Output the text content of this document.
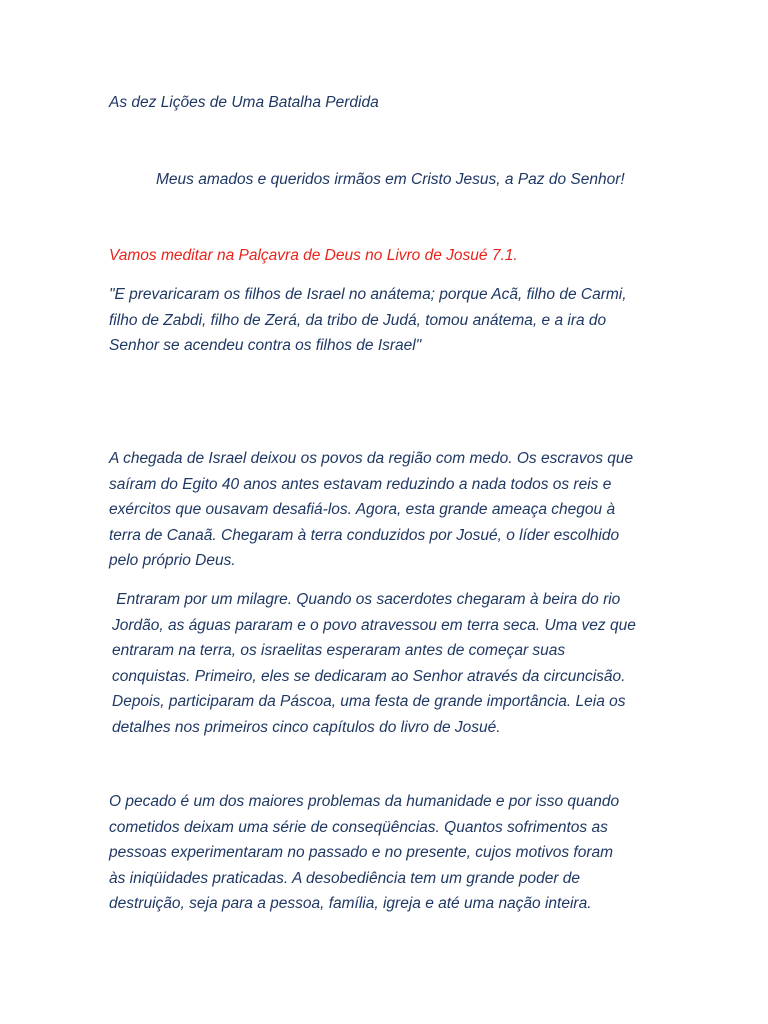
As dez Lições de Uma Batalha Perdida

Meus amados e queridos irmãos em Cristo Jesus, a Paz do Senhor!

Vamos meditar na Palçavra de Deus no Livro de Josué 7.1.

"E prevaricaram os filhos de Israel no anátema; porque Acã, filho de Carmi,
filho de Zabdi, filho de Zerá, da tribo de Judá, tomou anátema, e a ira do
Senhor se acendeu contra os filhos de Israel"
A chegada de Israel deixou os povos da região com medo. Os escravos que
saíram do Egito 40 anos antes estavam reduzindo a nada todos os reis e
exércitos que ousavam desafiá-los. Agora, esta grande ameaça chegou à
terra de Canaã. Chegaram à terra conduzidos por Josué, o líder escolhido
pelo próprio Deus.
Entraram por um milagre. Quando os sacerdotes chegaram à beira do rio
Jordão, as águas pararam e o povo atravessou em terra seca. Uma vez que
entraram na terra, os israelitas esperaram antes de começar suas
conquistas. Primeiro, eles se dedicaram ao Senhor através da circuncisão.
Depois, participaram da Páscoa, uma festa de grande importância. Leia os
detalhes nos primeiros cinco capítulos do livro de Josué.
O pecado é um dos maiores problemas da humanidade e por isso quando
cometidos deixam uma série de conseqüências. Quantos sofrimentos as
pessoas experimentaram no passado e no presente, cujos motivos foram
às iniqüidades praticadas. A desobediência tem um grande poder de
destruição, seja para a pessoa, família, igreja e até uma nação inteira.
